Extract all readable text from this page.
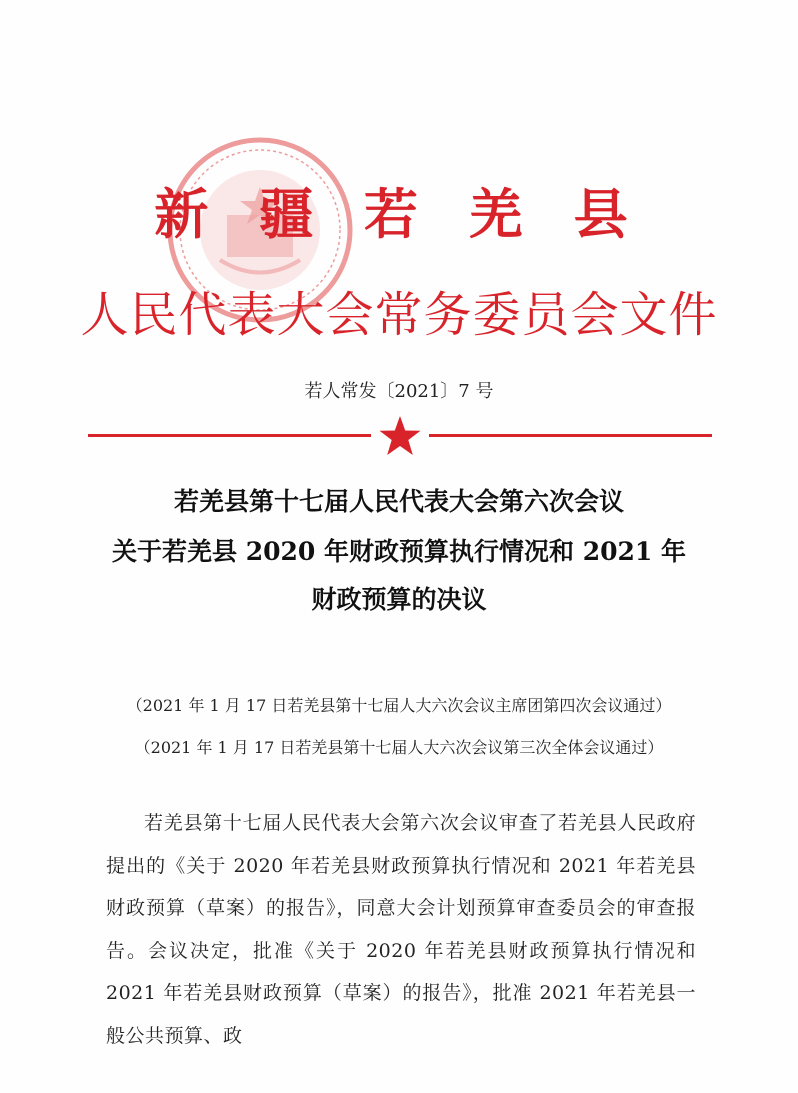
新 疆 若 羌 县
人民代表大会常务委员会文件
若人常发〔2021〕7 号
若羌县第十七届人民代表大会第六次会议
关于若羌县 2020 年财政预算执行情况和 2021 年
财政预算的决议
（2021 年 1 月 17 日若羌县第十七届人大六次会议主席团第四次会议通过）
（2021 年 1 月 17 日若羌县第十七届人大六次会议第三次全体会议通过）
若羌县第十七届人民代表大会第六次会议审查了若羌县人民政府提出的《关于 2020 年若羌县财政预算执行情况和 2021 年若羌县财政预算（草案）的报告》，同意大会计划预算审查委员会的审查报告。会议决定，批准《关于 2020 年若羌县财政预算执行情况和 2021 年若羌县财政预算（草案）的报告》，批准 2021 年若羌县一般公共预算、政
